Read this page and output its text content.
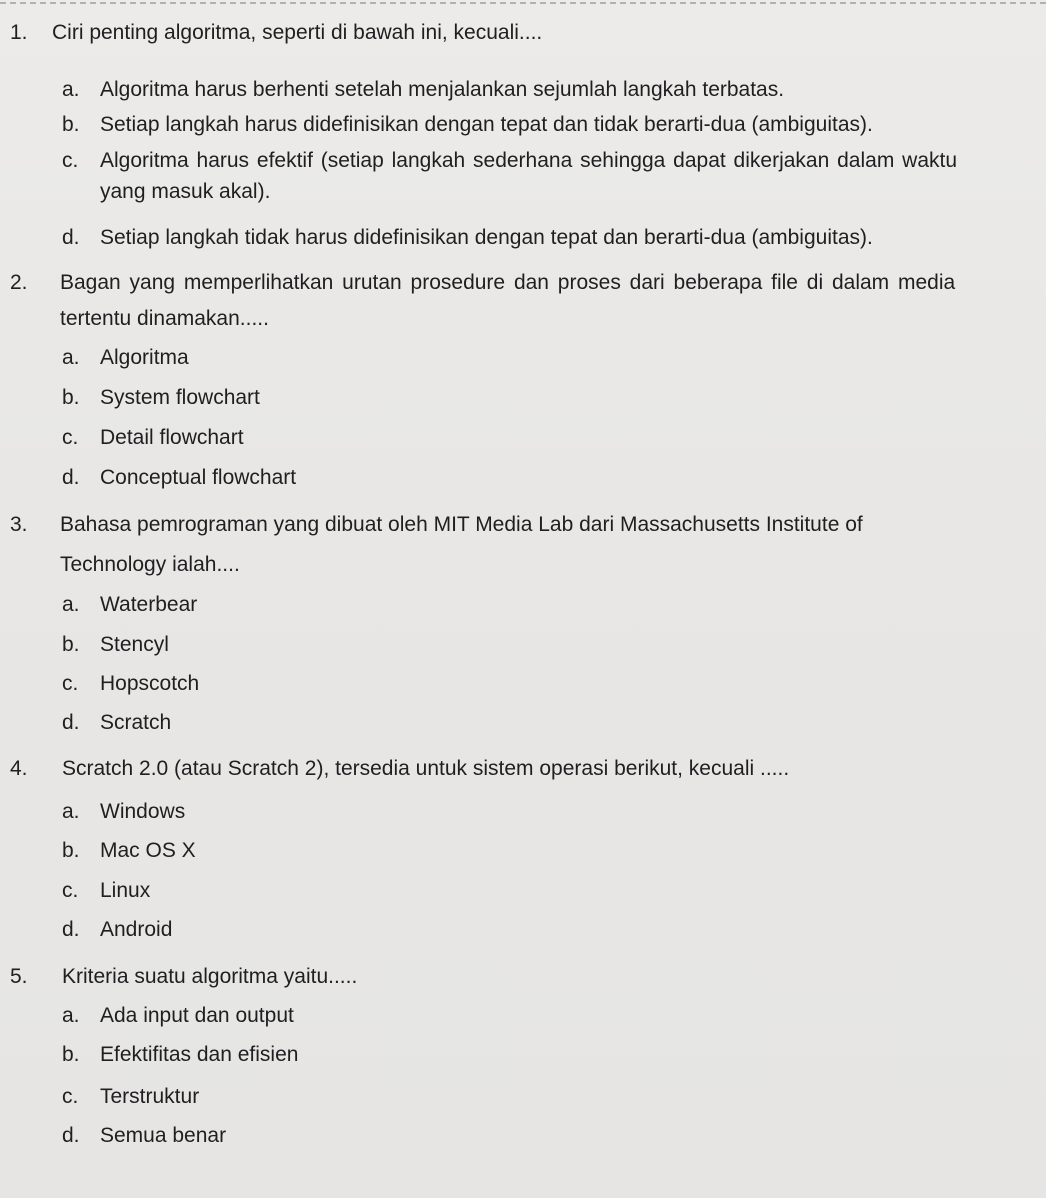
1. Ciri penting algoritma, seperti di bawah ini, kecuali....
a. Algoritma harus berhenti setelah menjalankan sejumlah langkah terbatas.
b. Setiap langkah harus didefinisikan dengan tepat dan tidak berarti-dua (ambiguitas).
c.	Algoritma harus efektif (setiap langkah sederhana sehingga dapat dikerjakan dalam waktu
yang masuk akal).
d. Setiap langkah tidak harus didefinisikan dengan tepat dan berarti-dua (ambiguitas).
2. Bagan yang memperlihatkan urutan prosedure dan proses dari beberapa file di dalam media
tertentu dinamakan.....
a. Algoritma
b. System flowchart
c. Detail flowchart
d. Conceptual flowchart
3. Bahasa pemrograman yang dibuat oleh MIT Media Lab dari Massachusetts Institute of
Technology ialah....
a. Waterbear
b. Stencyl
c. Hopscotch
d. Scratch
4. Scratch 2.0 (atau Scratch 2), tersedia untuk sistem operasi berikut, kecuali .....
a. Windows
b. Mac OS X
c. Linux
d. Android
5. Kriteria suatu algoritma yaitu.....
a. Ada input dan output
b. Efektifitas dan efisien
c. Terstruktur
d. Semua benar
